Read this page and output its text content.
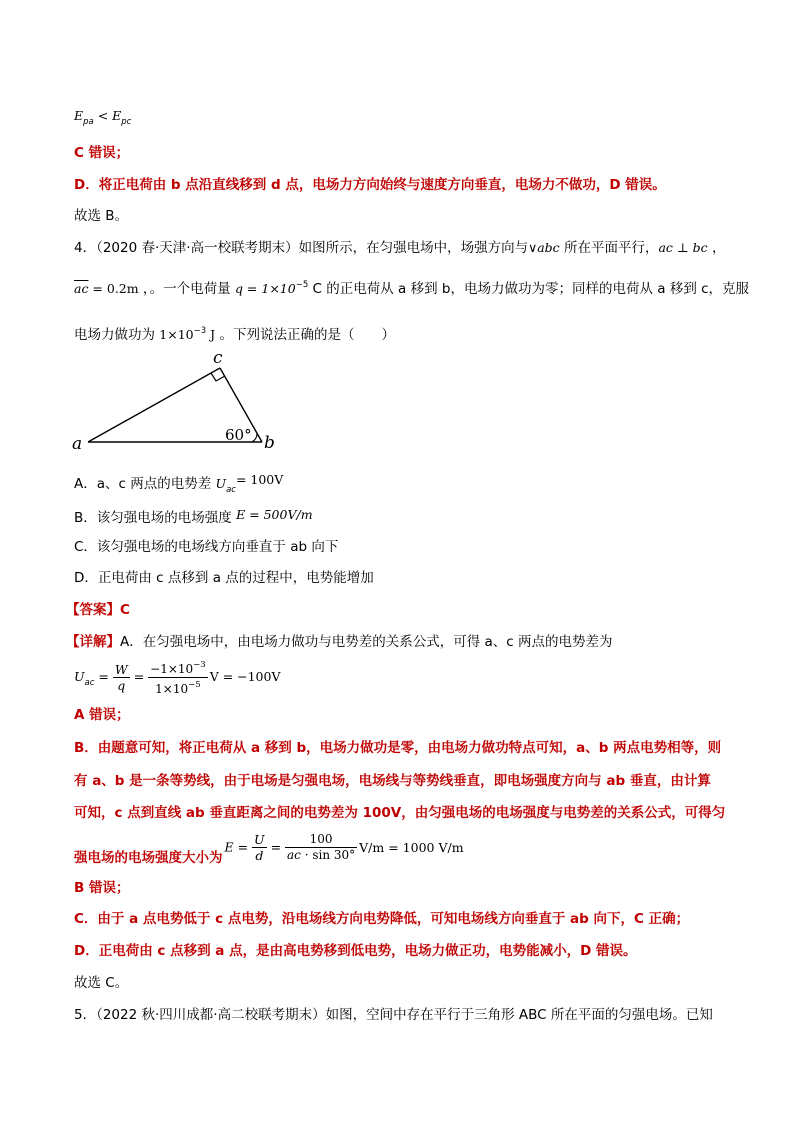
$E_{pa} < E_{pc}$
C 错误；
D．将正电荷由 b 点沿直线移到 d 点，电场力方向始终与速度方向垂直，电场力不做功，D 错误。
故选 B。
4．（2020 春·天津·高一校联考期末）如图所示，在匀强电场中，场强方向与∨abc 所在平面平行，ac ⊥ bc ，
$\overline{ac} = 0.2m$ ，。一个电荷量 $q = 1\times 10^{-5}$ C 的正电荷从 a 移到 b，电场力做功为零；同样的电荷从 a 移到 c，克服
电场力做功为 $1\times 10^{-3}$ J 。下列说法正确的是（　　）
a	b
c
60°
A．a、c 两点的电势差 $U_{ac}= 100V$
B．该匀强电场的电场强度 E = 500V/m
C．该匀强电场的电场线方向垂直于 ab 向下
D．正电荷由 c 点移到 a 点的过程中，电势能增加
【答案】C
【详解】A．在匀强电场中，由电场力做功与电势差的关系公式，可得 a、c 两点的电势差为
$U_{ac} = \frac{W}{q} = \frac{-1\times 10^{-3}}{1\times 10^{-5}}$ V = −100V
A 错误；
B．由题意可知，将正电荷从 a 移到 b，电场力做功是零，由电场力做功特点可知，a、b 两点电势相等，则
有 a、b 是一条等势线，由于电场是匀强电场，电场线与等势线垂直，即电场强度方向与 ab 垂直，由计算
可知，c 点到直线 ab 垂直距离之间的电势差为 100V，由匀强电场的电场强度与电势差的关系公式，可得匀
强电场的电场强度大小为$E = \frac{U}{d} = \frac{100}{\overline{ac} \cdot \sin 30^\circ} V/m = 1000$ V/m
B 错误；
C．由于 a 点电势低于 c 点电势，沿电场线方向电势降低，可知电场线方向垂直于 ab 向下，C 正确；
D．正电荷由 c 点移到 a 点，是由高电势移到低电势，电场力做正功，电势能减小，D 错误。
故选 C。
5．（2022 秋·四川成都·高二校联考期末）如图，空间中存在平行于三角形 ABC 所在平面的匀强电场。已知
